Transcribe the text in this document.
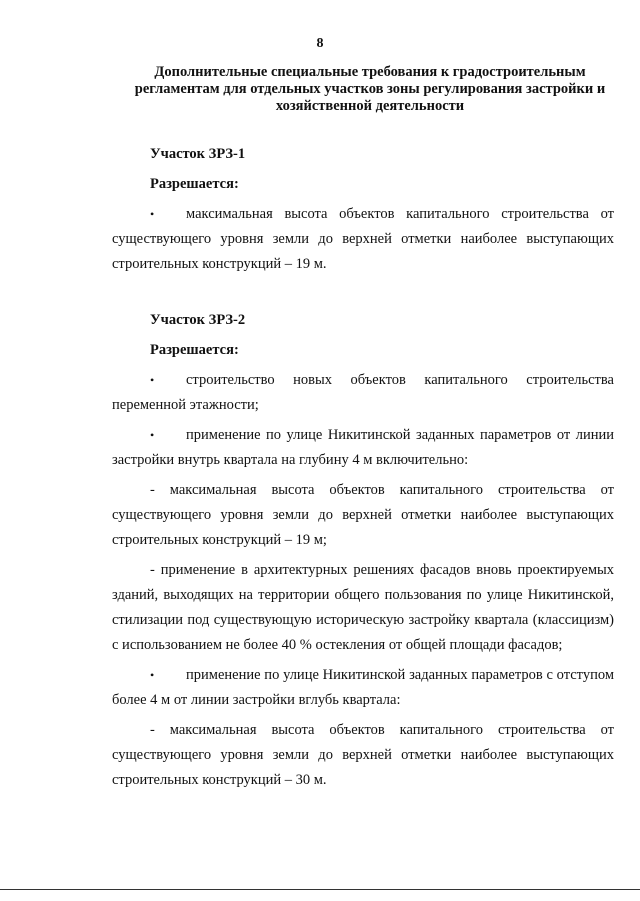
8
Дополнительные специальные требования к градостроительным
регламентам для отдельных участков зоны регулирования застройки и
хозяйственной деятельности
Участок ЗРЗ-1
Разрешается:

• максимальная высота объектов капитального строительства от существующего уровня земли до верхней отметки наиболее выступающих строительных конструкций – 19 м.

Участок ЗРЗ-2
Разрешается:

• строительство новых объектов капитального строительства переменной этажности;

• применение по улице Никитинской заданных параметров от линии застройки внутрь квартала на глубину 4 м включительно:

- максимальная высота объектов капитального строительства от существующего уровня земли до верхней отметки наиболее выступающих строительных конструкций – 19 м;

- применение в архитектурных решениях фасадов вновь проектируемых зданий, выходящих на территории общего пользования по улице Никитинской, стилизации под существующую историческую застройку квартала (классицизм) с использованием не более 40 % остекления от общей площади фасадов;

• применение по улице Никитинской заданных параметров с отступом более 4 м от линии застройки вглубь квартала:

- максимальная высота объектов капитального строительства от существующего уровня земли до верхней отметки наиболее выступающих строительных конструкций – 30 м.
